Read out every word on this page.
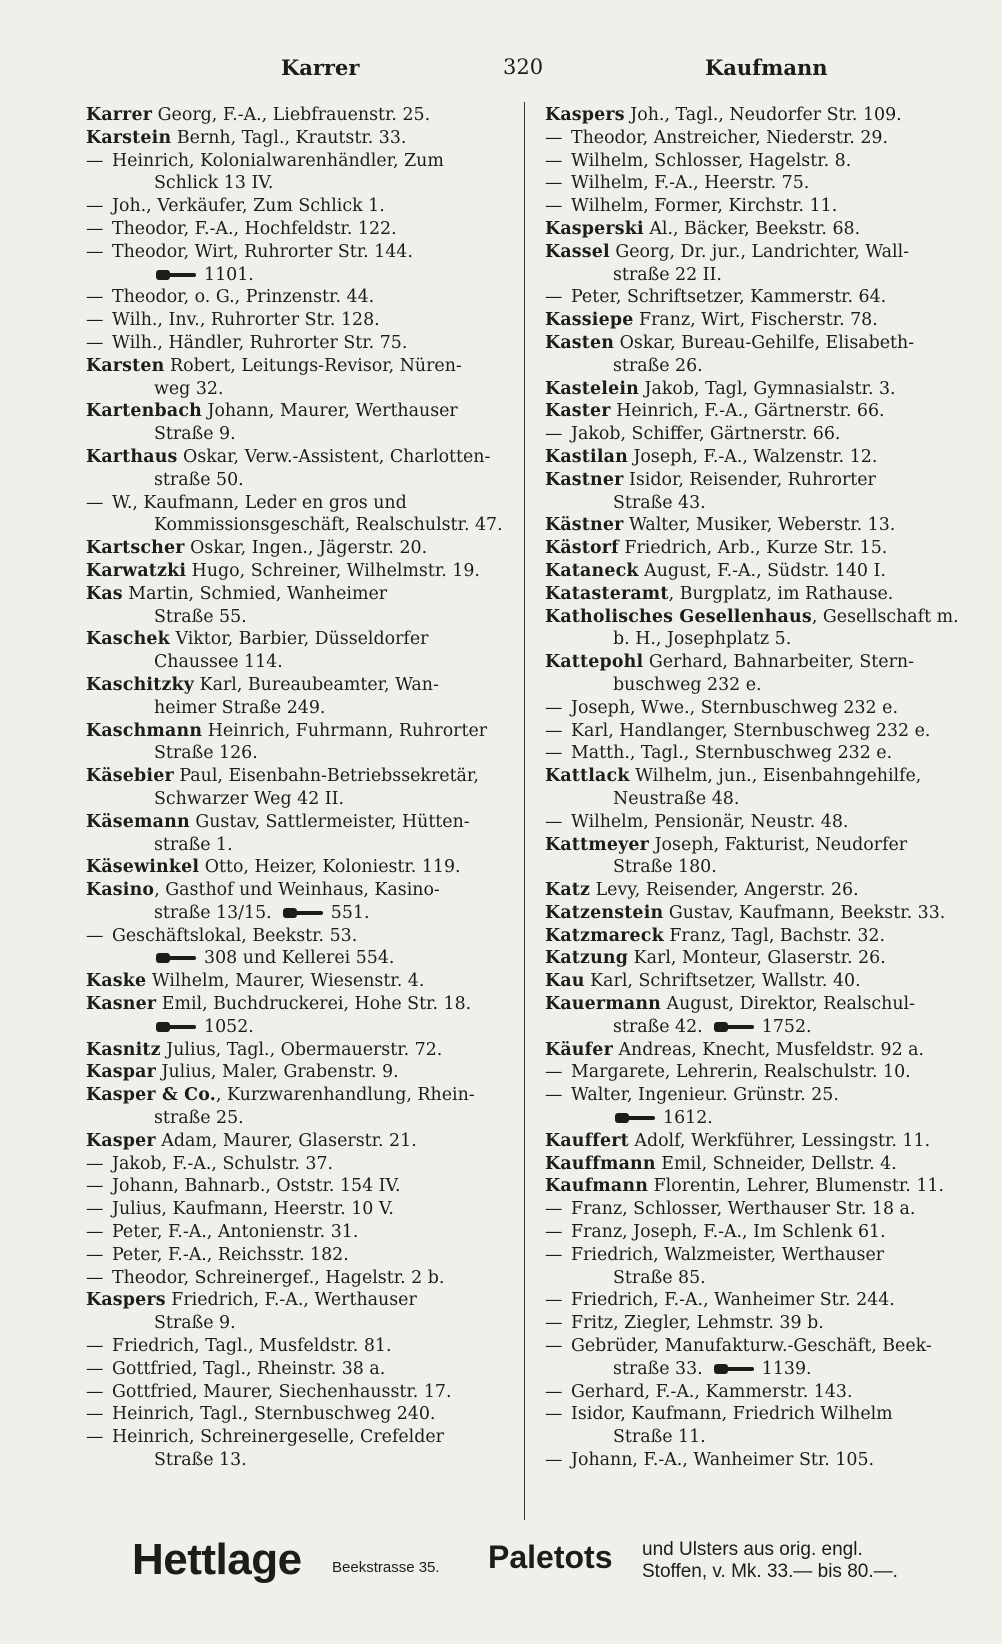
Karrer	320	Kaufmann
Karrer Georg, F.-A., Liebfrauenstr. 25.
Karstein Bernh, Tagl., Krautstr. 33.
— Heinrich, Kolonialwarenhändler, Zum
Schlick 13 IV.
— Joh., Verkäufer, Zum Schlick 1.
— Theodor, F.-A., Hochfeldstr. 122.
— Theodor, Wirt, Ruhrorter Str. 144.
1101.
— Theodor, o. G., Prinzenstr. 44.
— Wilh., Inv., Ruhrorter Str. 128.
— Wilh., Händler, Ruhrorter Str. 75.
Karsten Robert, Leitungs-Revisor, Nüren-
weg 32.
Kartenbach Johann, Maurer, Werthauser
Straße 9.
Karthaus Oskar, Verw.-Assistent, Charlotten-
straße 50.
— W., Kaufmann, Leder en gros und
Kommissionsgeschäft, Realschulstr. 47.
Kartscher Oskar, Ingen., Jägerstr. 20.
Karwatzki Hugo, Schreiner, Wilhelmstr. 19.
Kas Martin, Schmied, Wanheimer
Straße 55.
Kaschek Viktor, Barbier, Düsseldorfer
Chaussee 114.
Kaschitzky Karl, Bureaubeamter, Wan-
heimer Straße 249.
Kaschmann Heinrich, Fuhrmann, Ruhrorter
Straße 126.
Käsebier Paul, Eisenbahn-Betriebssekretär,
Schwarzer Weg 42 II.
Käsemann Gustav, Sattlermeister, Hütten-
straße 1.
Käsewinkel Otto, Heizer, Koloniestr. 119.
Kasino, Gasthof und Weinhaus, Kasino-
straße 13/15.	551.
— Geschäftslokal, Beekstr. 53.
308 und Kellerei 554.
Kaske Wilhelm, Maurer, Wiesenstr. 4.
Kasner Emil, Buchdruckerei, Hohe Str. 18.
1052.
Kasnitz Julius, Tagl., Obermauerstr. 72.
Kaspar Julius, Maler, Grabenstr. 9.
Kasper & Co., Kurzwarenhandlung, Rhein-
straße 25.
Kasper Adam, Maurer, Glaserstr. 21.
— Jakob, F.-A., Schulstr. 37.
— Johann, Bahnarb., Oststr. 154 IV.
— Julius, Kaufmann, Heerstr. 10 V.
— Peter, F.-A., Antonienstr. 31.
— Peter, F.-A., Reichsstr. 182.
— Theodor, Schreinergef., Hagelstr. 2 b.
Kaspers Friedrich, F.-A., Werthauser
Straße 9.
— Friedrich, Tagl., Musfeldstr. 81.
— Gottfried, Tagl., Rheinstr. 38 a.
— Gottfried, Maurer, Siechenhausstr. 17.
— Heinrich, Tagl., Sternbuschweg 240.
— Heinrich, Schreinergeselle, Crefelder
Straße 13.
Kaspers Joh., Tagl., Neudorfer Str. 109.
— Theodor, Anstreicher, Niederstr. 29.
— Wilhelm, Schlosser, Hagelstr. 8.
— Wilhelm, F.-A., Heerstr. 75.
— Wilhelm, Former, Kirchstr. 11.
Kasperski Al., Bäcker, Beekstr. 68.
Kassel Georg, Dr. jur., Landrichter, Wall-
straße 22 II.
— Peter, Schriftsetzer, Kammerstr. 64.
Kassiepe Franz, Wirt, Fischerstr. 78.
Kasten Oskar, Bureau-Gehilfe, Elisabeth-
straße 26.
Kastelein Jakob, Tagl, Gymnasialstr. 3.
Kaster Heinrich, F.-A., Gärtnerstr. 66.
— Jakob, Schiffer, Gärtnerstr. 66.
Kastilan Joseph, F.-A., Walzenstr. 12.
Kastner Isidor, Reisender, Ruhrorter
Straße 43.
Kästner Walter, Musiker, Weberstr. 13.
Kästorf Friedrich, Arb., Kurze Str. 15.
Kataneck August, F.-A., Südstr. 140 I.
Katasteramt, Burgplatz, im Rathause.
Katholisches Gesellenhaus, Gesellschaft m.
b. H., Josephplatz 5.
Kattepohl Gerhard, Bahnarbeiter, Stern-
buschweg 232 e.
— Joseph, Wwe., Sternbuschweg 232 e.
— Karl, Handlanger, Sternbuschweg 232 e.
— Matth., Tagl., Sternbuschweg 232 e.
Kattlack Wilhelm, jun., Eisenbahngehilfe,
Neustraße 48.
— Wilhelm, Pensionär, Neustr. 48.
Kattmeyer Joseph, Fakturist, Neudorfer
Straße 180.
Katz Levy, Reisender, Angerstr. 26.
Katzenstein Gustav, Kaufmann, Beekstr. 33.
Katzmareck Franz, Tagl, Bachstr. 32.
Katzung Karl, Monteur, Glaserstr. 26.
Kau Karl, Schriftsetzer, Wallstr. 40.
Kauermann August, Direktor, Realschul-
straße 42.	1752.
Käufer Andreas, Knecht, Musfeldstr. 92 a.
— Margarete, Lehrerin, Realschulstr. 10.
— Walter, Ingenieur. Grünstr. 25.
1612.
Kauffert Adolf, Werkführer, Lessingstr. 11.
Kauffmann Emil, Schneider, Dellstr. 4.
Kaufmann Florentin, Lehrer, Blumenstr. 11.
— Franz, Schlosser, Werthauser Str. 18 a.
— Franz, Joseph, F.-A., Im Schlenk 61.
— Friedrich, Walzmeister, Werthauser
Straße 85.
— Friedrich, F.-A., Wanheimer Str. 244.
— Fritz, Ziegler, Lehmstr. 39 b.
— Gebrüder, Manufakturw.-Geschäft, Beek-
straße 33.	1139.
— Gerhard, F.-A., Kammerstr. 143.
— Isidor, Kaufmann, Friedrich Wilhelm
Straße 11.
— Johann, F.-A., Wanheimer Str. 105.
Hettlage Beekstrasse 35. Paletots und Ulsters aus orig. engl.
Stoffen, v. Mk. 33.— bis 80.—.
